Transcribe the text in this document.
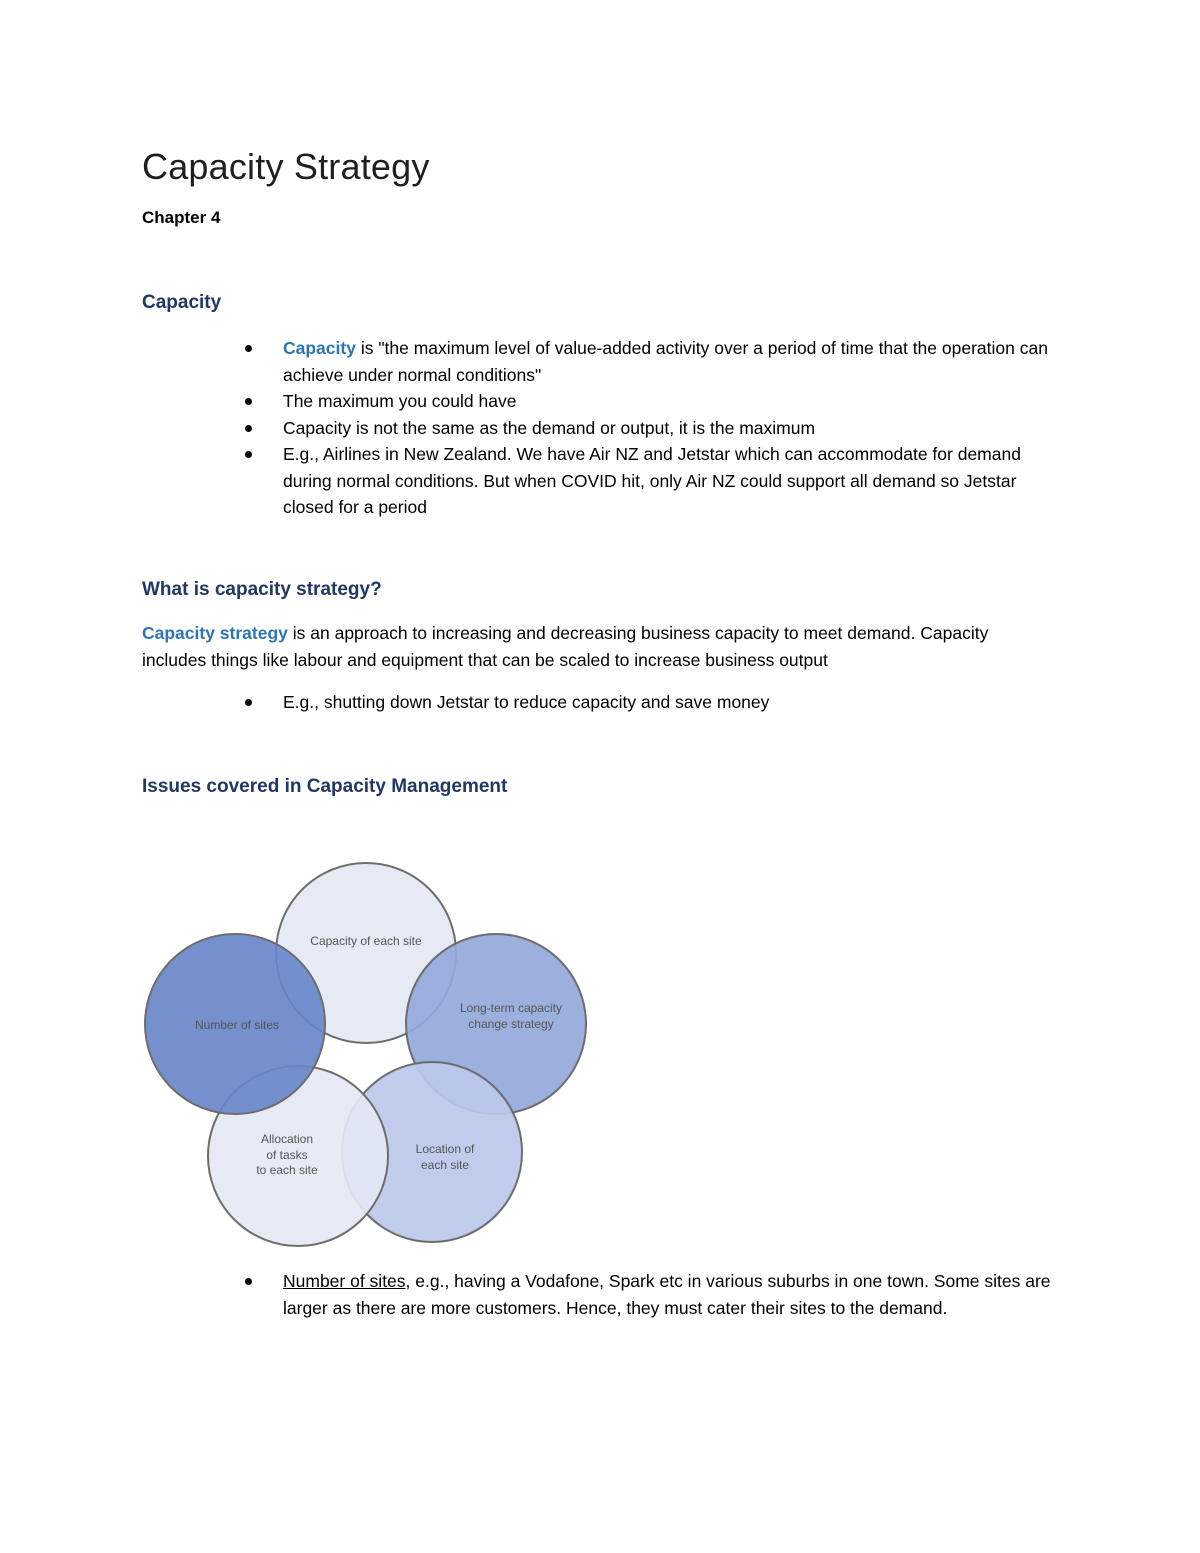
Capacity Strategy
Chapter 4
Capacity
Capacity is "the maximum level of value-added activity over a period of time that the operation can achieve under normal conditions"
The maximum you could have
Capacity is not the same as the demand or output, it is the maximum
E.g., Airlines in New Zealand. We have Air NZ and Jetstar which can accommodate for demand during normal conditions. But when COVID hit, only Air NZ could support all demand so Jetstar closed for a period
What is capacity strategy?

Capacity strategy is an approach to increasing and decreasing business capacity to meet demand. Capacity includes things like labour and equipment that can be scaled to increase business output

E.g., shutting down Jetstar to reduce capacity and save money
Issues covered in Capacity Management
Capacity of each site
Number of sites
Long-term capacity
change strategy
Allocation
of tasks
to each site
Location of
each site
Number of sites, e.g., having a Vodafone, Spark etc in various suburbs in one town. Some sites are larger as there are more customers. Hence, they must cater their sites to the demand.
